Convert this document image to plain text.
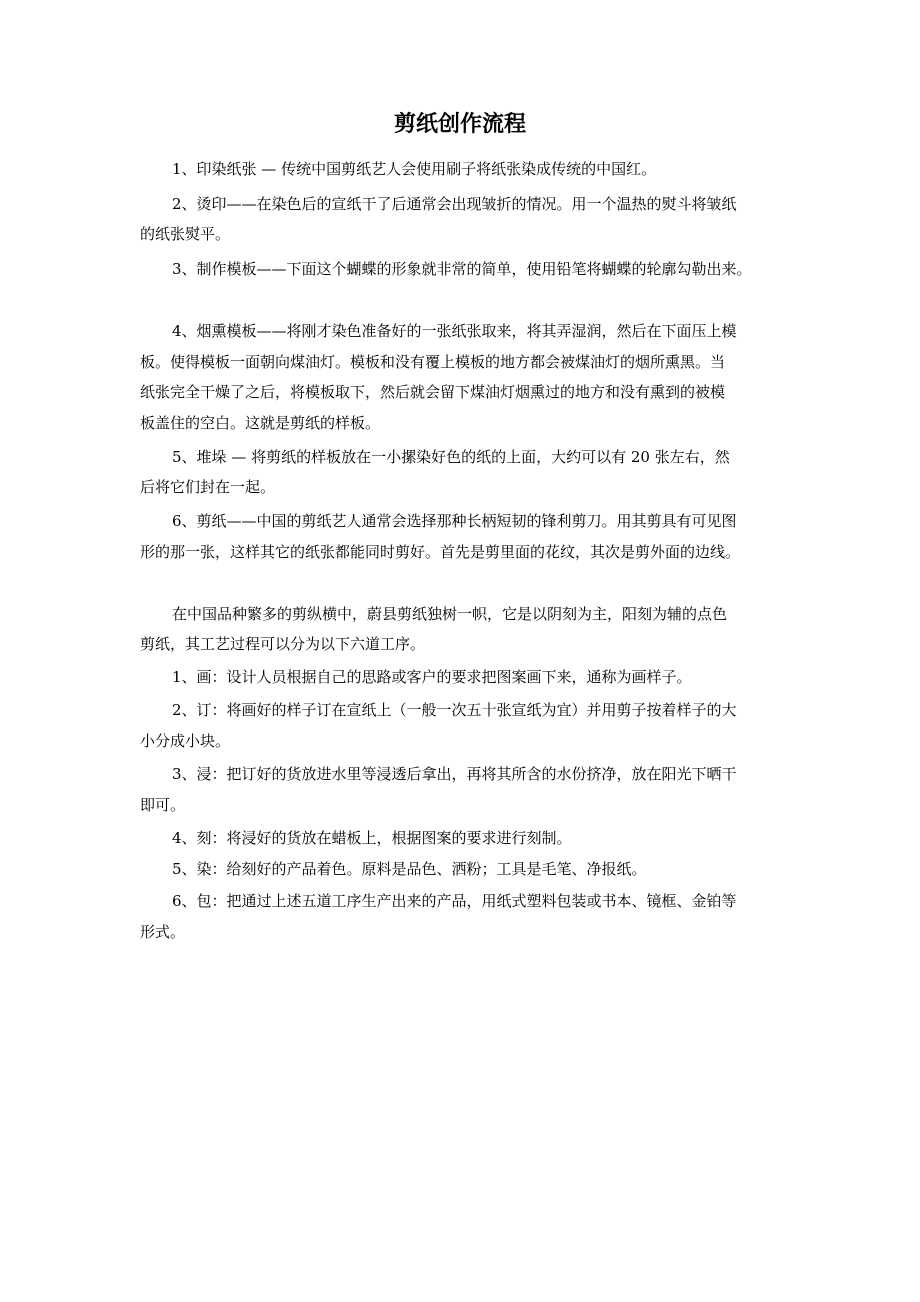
剪纸创作流程
1、印染纸张 — 传统中国剪纸艺人会使用刷子将纸张染成传统的中国红。
2、烫印——在染色后的宣纸干了后通常会出现皱折的情况。用一个温热的熨斗将皱纸
的纸张熨平。
3、制作模板——下面这个蝴蝶的形象就非常的简单，使用铅笔将蝴蝶的轮廓勾勒出来。
4、烟熏模板——将刚才染色准备好的一张纸张取来，将其弄湿润，然后在下面压上模
板。使得模板一面朝向煤油灯。模板和没有覆上模板的地方都会被煤油灯的烟所熏黑。当
纸张完全干燥了之后，将模板取下，然后就会留下煤油灯烟熏过的地方和没有熏到的被模
板盖住的空白。这就是剪纸的样板。
5、堆垛 — 将剪纸的样板放在一小摞染好色的纸的上面，大约可以有 20 张左右，然
后将它们封在一起。
6、剪纸——中国的剪纸艺人通常会选择那种长柄短韧的锋利剪刀。用其剪具有可见图
形的那一张，这样其它的纸张都能同时剪好。首先是剪里面的花纹，其次是剪外面的边线。
在中国品种繁多的剪纵横中，蔚县剪纸独树一帜，它是以阴刻为主，阳刻为辅的点色
剪纸，其工艺过程可以分为以下六道工序。
1、画：设计人员根据自己的思路或客户的要求把图案画下来，通称为画样子。
2、订：将画好的样子订在宣纸上（一般一次五十张宣纸为宜）并用剪子按着样子的大
小分成小块。
3、浸：把订好的货放进水里等浸透后拿出，再将其所含的水份挤净，放在阳光下晒干
即可。
4、刻：将浸好的货放在蜡板上，根据图案的要求进行刻制。
5、染：给刻好的产品着色。原料是品色、洒粉；工具是毛笔、净报纸。
6、包：把通过上述五道工序生产出来的产品，用纸式塑料包装或书本、镜框、金铂等
形式。
